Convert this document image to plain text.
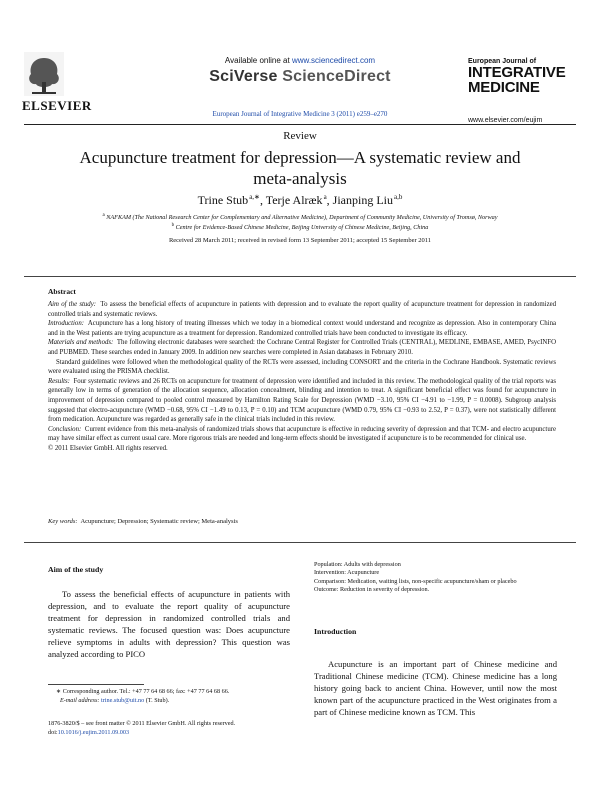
ELSEVIER
Available online at www.sciencedirect.com
SciVerse ScienceDirect
European Journal of Integrative Medicine 3 (2011) e259–e270
European Journal of
INTEGRATIVE
MEDICINE
www.elsevier.com/eujim
Review
Acupuncture treatment for depression—A systematic review and
meta-analysis
Trine Stub $^{a,∗}$, Terje Alræk $^a$, Jianping Liu $^{a,b}$
$^a$ NAFKAM (The National Research Center for Complementary and Alternative Medicine), Department of Community Medicine, University of Tromsø, Norway
$^b$ Centre for Evidence-Based Chinese Medicine, Beijing University of Chinese Medicine, Beijing, China
Received 28 March 2011; received in revised form 13 September 2011; accepted 15 September 2011
Abstract

Aim of the study: To assess the beneficial effects of acupuncture in patients with depression and to evaluate the report quality of acupuncture treatment for depression in randomized controlled trials and systematic reviews.

Introduction: Acupuncture has a long history of treating illnesses which we today in a biomedical context would understand and recognize as depression. Also in contemporary China and in the West patients are trying acupuncture as a treatment for depression. Randomized controlled trials have been conducted to investigate its efficacy.

Materials and methods: The following electronic databases were searched: the Cochrane Central Register for Controlled Trials (CENTRAL), MEDLINE, EMBASE, AMED, PsycINFO and PUBMED. These searches ended in January 2009. In addition new searches were completed in Asian databases in February 2010.

Standard guidelines were followed when the methodological quality of the RCTs were assessed, including CONSORT and the criteria in the Cochrane Handbook. Systematic reviews were evaluated using the PRISMA checklist.

Results: Four systematic reviews and 26 RCTs on acupuncture for treatment of depression were identified and included in this review. The methodological quality of the trial reports was generally low in terms of generation of the allocation sequence, allocation concealment, blinding and intention to treat. A significant beneficial effect was found for acupuncture in improvement of depression compared to pooled control measured by Hamilton Rating Scale for Depression (WMD −3.10, 95% CI −4.91 to −1.99, P = 0.0008). Subgroup analysis suggested that electro-acupuncture (WMD −0.68, 95% CI −1.49 to 0.13, P = 0.10) and TCM acupuncture (WMD 0.79, 95% CI −0.93 to 2.52, P = 0.37), were not statistically different from medication. Acupuncture was regarded as generally safe in the clinical trials included in this review.

Conclusion: Current evidence from this meta-analysis of randomized trials shows that acupuncture is effective in reducing severity of depression and that TCM- and electro acupuncture may have similar effect as current usual care. More rigorous trials are needed and long-term effects should be investigated if acupuncture is to be recommended for clinical use.

© 2011 Elsevier GmbH. All rights reserved.

Key words: Acupuncture; Depression; Systematic review; Meta-analysis
Aim of the study
To assess the beneficial effects of acupuncture in patients with depression, and to evaluate the report quality of acupuncture treatment for depression in randomized controlled trials and systematic reviews. The focused question was: Does acupuncture relieve symptoms in adults with depression? This question was analyzed according to PICO
∗ Corresponding author. Tel.: +47 77 64 68 66; fax: +47 77 64 68 66.
E-mail address: trine.stub@uit.no (T. Stub).
1876-3820/$ – see front matter © 2011 Elsevier GmbH. All rights reserved.
doi:10.1016/j.eujim.2011.09.003
Population: Adults with depression
Intervention: Acupuncture
Comparison: Medication, waiting lists, non-specific acupuncture/sham or placebo
Outcome: Reduction in severity of depression.
Introduction
Acupuncture is an important part of Chinese medicine and Traditional Chinese medicine (TCM). Chinese medicine has a long history going back to ancient China. However, until now the most known part of the acupuncture practiced in the West originates from a part of Chinese medicine known as TCM. This
